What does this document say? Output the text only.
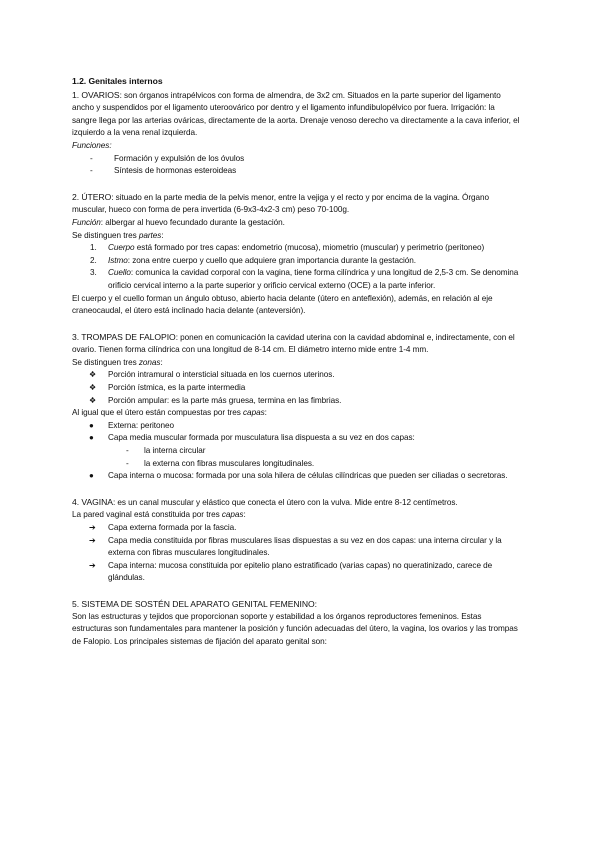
1.2. Genitales internos

1. OVARIOS: son órganos intrapélvicos con forma de almendra, de 3x2 cm. Situados en la parte superior del ligamento ancho y suspendidos por el ligamento uteroovárico por dentro y el ligamento infundibulopélvico por fuera. Irrigación: la sangre llega por las arterias ováricas, directamente de la aorta. Drenaje venoso derecho va directamente a la cava inferior, el izquierdo a la vena renal izquierda.

Funciones:

-	Formación y expulsión de los óvulos
-	Síntesis de hormonas esteroideas

2. ÚTERO: situado en la parte media de la pelvis menor, entre la vejiga y el recto y por encima de la vagina. Órgano muscular, hueco con forma de pera invertida (6-9x3-4x2-3 cm) peso 70-100g.

Función: albergar al huevo fecundado durante la gestación.

Se distinguen tres partes:

1. Cuerpo está formado por tres capas: endometrio (mucosa), miometrio (muscular) y perimetrio (peritoneo)
2. Istmo: zona entre cuerpo y cuello que adquiere gran importancia durante la gestación.
3. Cuello: comunica la cavidad corporal con la vagina, tiene forma cilíndrica y una longitud de 2,5-3 cm. Se denomina orificio cervical interno a la parte superior y orificio cervical externo (OCE) a la parte inferior.

El cuerpo y el cuello forman un ángulo obtuso, abierto hacia delante (útero en anteflexión), además, en relación al eje craneocaudal, el útero está inclinado hacia delante (anteversión).

3. TROMPAS DE FALOPIO: ponen en comunicación la cavidad uterina con la cavidad abdominal e, indirectamente, con el ovario. Tienen forma cilíndrica con una longitud de 8-14 cm. El diámetro interno mide entre 1-4 mm.

Se distinguen tres zonas:

❖ Porción intramural o intersticial situada en los cuernos uterinos.
❖ Porción ístmica, es la parte intermedia
❖ Porción ampular: es la parte más gruesa, termina en las fimbrias.

Al igual que el útero están compuestas por tres capas:

● Externa: peritoneo
● Capa media muscular formada por musculatura lisa dispuesta a su vez en dos capas:
- la interna circular
- la externa con fibras musculares longitudinales.
● Capa interna o mucosa: formada por una sola hilera de células cilíndricas que pueden ser ciliadas o secretoras.

4. VAGINA: es un canal muscular y elástico que conecta el útero con la vulva. Mide entre 8-12 centímetros.

La pared vaginal está constituida por tres capas:

➔ Capa externa formada por la fascia.
➔ Capa media constituida por fibras musculares lisas dispuestas a su vez en dos capas: una interna circular y la externa con fibras musculares longitudinales.
➔ Capa interna: mucosa constituida por epitelio plano estratificado (varias capas) no queratinizado, carece de glándulas.

5. SISTEMA DE SOSTÉN DEL APARATO GENITAL FEMENINO:

Son las estructuras y tejidos que proporcionan soporte y estabilidad a los órganos reproductores femeninos. Estas estructuras son fundamentales para mantener la posición y función adecuadas del útero, la vagina, los ovarios y las trompas de Falopio. Los principales sistemas de fijación del aparato genital son:
